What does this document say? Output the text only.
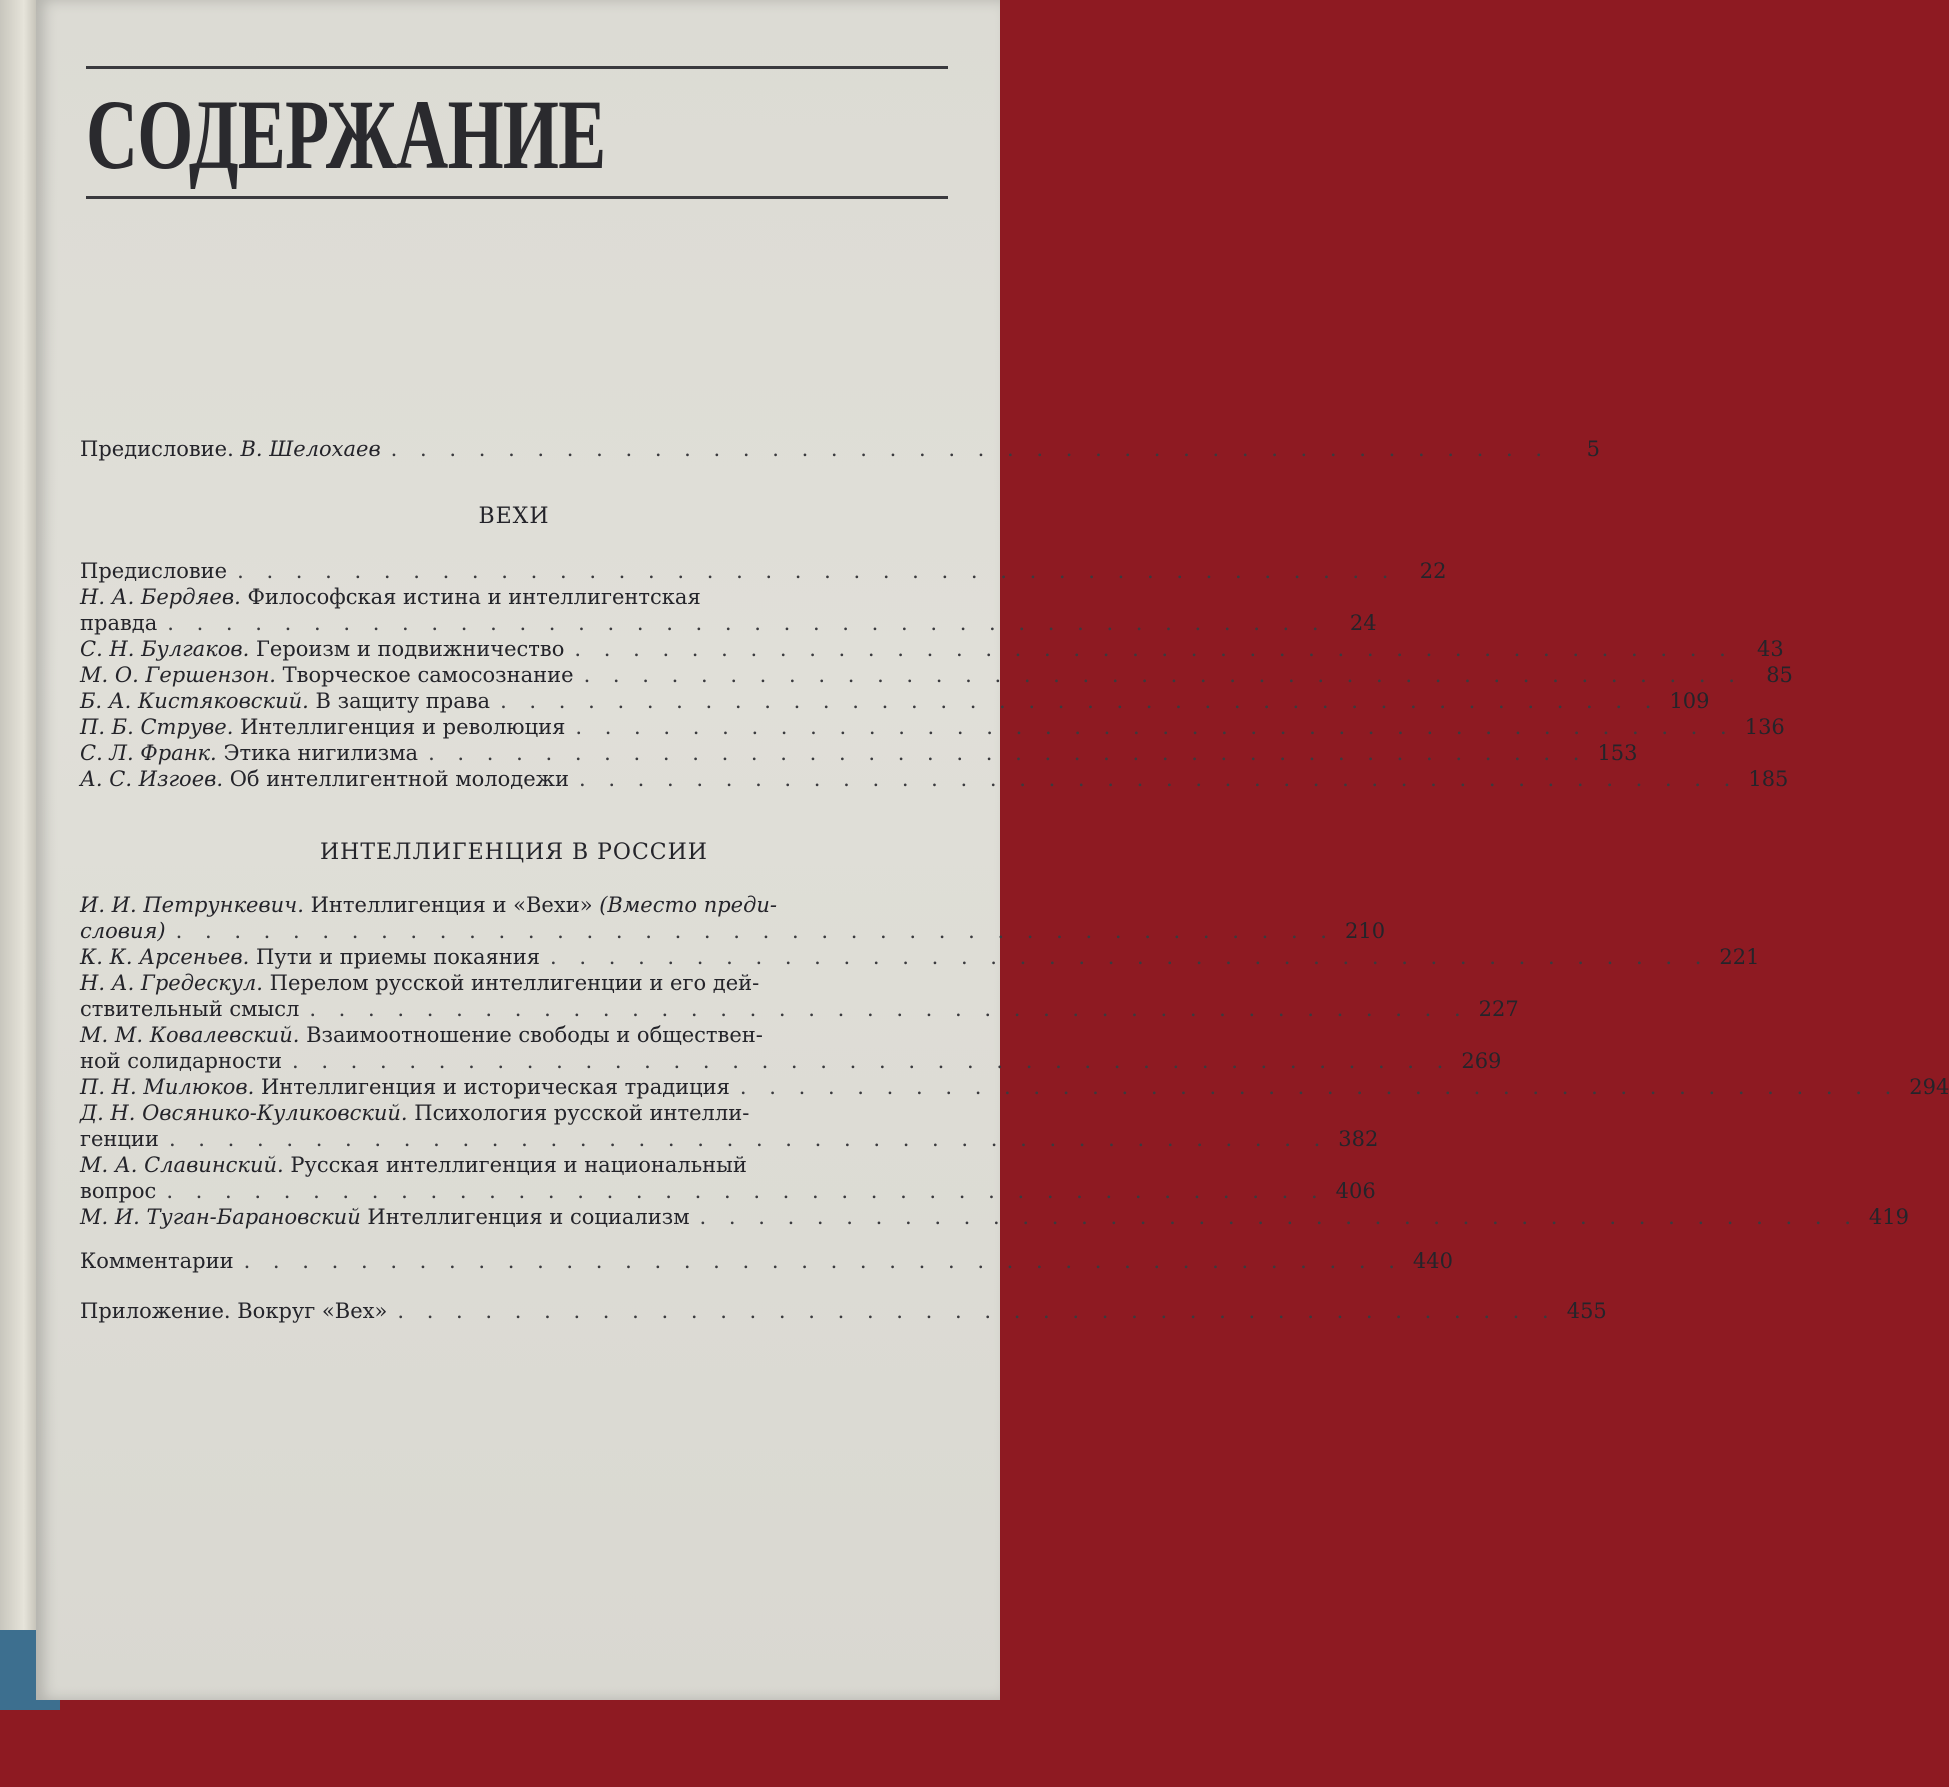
СОДЕРЖАНИЕ
Предисловие. В. Шелохаев . . . . . . . . . . . . . . . . . . . . . . . . . . . . . . . . . . . . . . . .	5
ВЕХИ
Предисловие . . . . . . . . . . . . . . . . . . . . . . . . . . . . . . . . . . . . . . . .	22
Н. А. Бердяев. Философская истина и интеллигентская
правда . . . . . . . . . . . . . . . . . . . . . . . . . . . . . . . . . . . . . . . .	24
С. Н. Булгаков. Героизм и подвижничество . . . . . . . . . . . . . . . . . . . . . . . . . . . . . . . . . . . . . . . .	43
М. О. Гершензон. Творческое самосознание . . . . . . . . . . . . . . . . . . . . . . . . . . . . . . . . . . . . . . . .	85
Б. А. Кистяковский. В защиту права . . . . . . . . . . . . . . . . . . . . . . . . . . . . . . . . . . . . . . . . 109
П. Б. Струве. Интеллигенция и революция . . . . . . . . . . . . . . . . . . . . . . . . . . . . . . . . . . . . . . . . 136
С. Л. Франк. Этика нигилизма . . . . . . . . . . . . . . . . . . . . . . . . . . . . . . . . . . . . . . . . 153
А. С. Изгоев. Об интеллигентной молодежи . . . . . . . . . . . . . . . . . . . . . . . . . . . . . . . . . . . . . . . . 185
ИНТЕЛЛИГЕНЦИЯ В РОССИИ
И. И. Петрункевич. Интеллигенция и «Вехи» (Вместо преди-
словия) . . . . . . . . . . . . . . . . . . . . . . . . . . . . . . . . . . . . . . . . 210
К. К. Арсеньев. Пути и приемы покаяния . . . . . . . . . . . . . . . . . . . . . . . . . . . . . . . . . . . . . . . . 221
Н. А. Гредескул. Перелом русской интеллигенции и его дей-
ствительный смысл . . . . . . . . . . . . . . . . . . . . . . . . . . . . . . . . . . . . . . . . 227
М. М. Ковалевский. Взаимоотношение свободы и обществен-
ной солидарности . . . . . . . . . . . . . . . . . . . . . . . . . . . . . . . . . . . . . . . . 269
П. Н. Милюков. Интеллигенция и историческая традиция . . . . . . . . . . . . . . . . . . . . . . . . . . . . . . . . . . . . . . . . 294
Д. Н. Овсянико-Куликовский. Психология русской интелли-
генции . . . . . . . . . . . . . . . . . . . . . . . . . . . . . . . . . . . . . . . . 382
М. А. Славинский. Русская интеллигенция и национальный
вопрос . . . . . . . . . . . . . . . . . . . . . . . . . . . . . . . . . . . . . . . . 406
М. И. Туган-Барановский Интеллигенция и социализм . . . . . . . . . . . . . . . . . . . . . . . . . . . . . . . . . . . . . . . . 419
Комментарии . . . . . . . . . . . . . . . . . . . . . . . . . . . . . . . . . . . . . . . . 440
Приложение. Вокруг «Вех» . . . . . . . . . . . . . . . . . . . . . . . . . . . . . . . . . . . . . . . . 455
